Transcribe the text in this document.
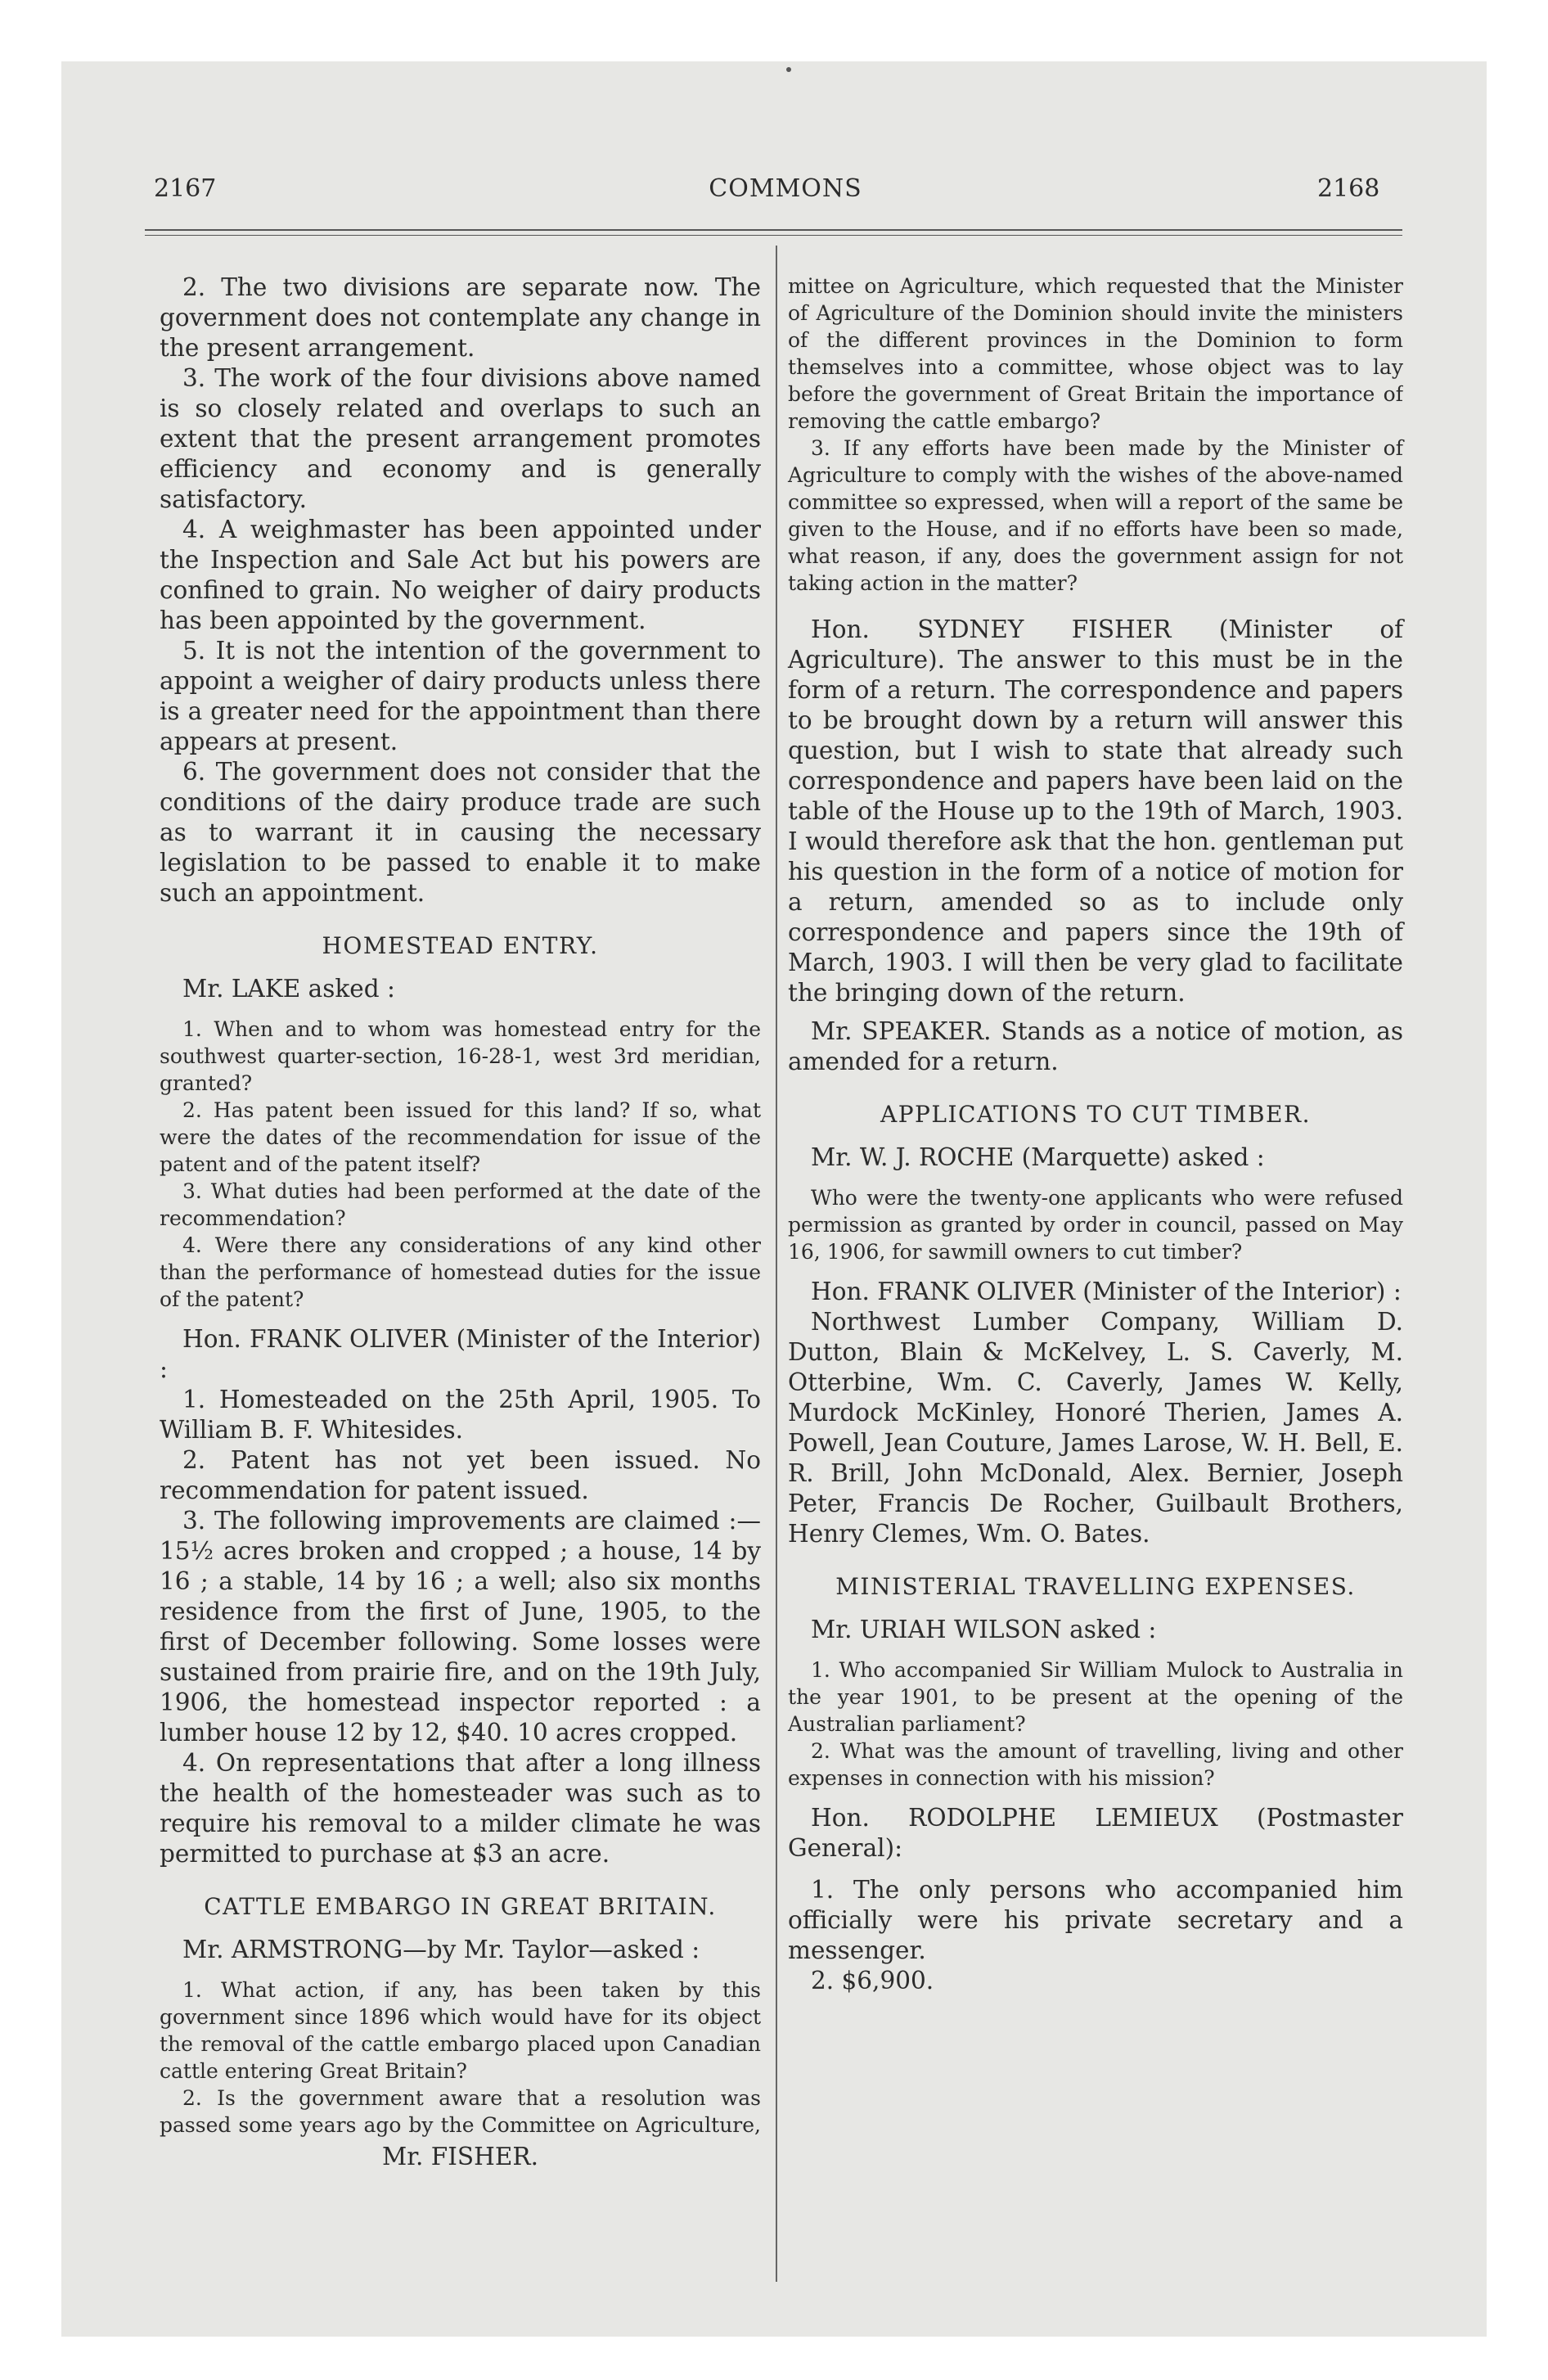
2167	COMMONS	2168

2. The two divisions are separate now. The government does not contemplate any change in the present arrangement.

3. The work of the four divisions above named is so closely related and overlaps to such an extent that the present arrangement promotes efficiency and economy and is generally satisfactory.

4. A weighmaster has been appointed under the Inspection and Sale Act but his powers are confined to grain. No weigher of dairy products has been appointed by the government.

5. It is not the intention of the government to appoint a weigher of dairy products unless there is a greater need for the appointment than there appears at present.

6. The government does not consider that the conditions of the dairy produce trade are such as to warrant it in causing the necessary legislation to be passed to enable it to make such an appointment.

HOMESTEAD ENTRY.

Mr. LAKE asked :

1. When and to whom was homestead entry for the southwest quarter-section, 16-28-1, west 3rd meridian, granted?

2. Has patent been issued for this land? If so, what were the dates of the recommendation for issue of the patent and of the patent itself?

3. What duties had been performed at the date of the recommendation?

4. Were there any considerations of any kind other than the performance of homestead duties for the issue of the patent?

Hon. FRANK OLIVER (Minister of the Interior) :

1. Homesteaded on the 25th April, 1905. To William B. F. Whitesides.

2. Patent has not yet been issued. No recommendation for patent issued.

3. The following improvements are claimed :—15½ acres broken and cropped ; a house, 14 by 16 ; a stable, 14 by 16 ; a well; also six months residence from the first of June, 1905, to the first of December following. Some losses were sustained from prairie fire, and on the 19th July, 1906, the homestead inspector reported : a lumber house 12 by 12, $40. 10 acres cropped.

4. On representations that after a long illness the health of the homesteader was such as to require his removal to a milder climate he was permitted to purchase at $3 an acre.

CATTLE EMBARGO IN GREAT BRITAIN.

Mr. ARMSTRONG—by Mr. Taylor—asked :

1. What action, if any, has been taken by this government since 1896 which would have for its object the removal of the cattle embargo placed upon Canadian cattle entering Great Britain?

2. Is the government aware that a resolution was passed some years ago by the Committee on Agriculture,

Mr. FISHER.

mittee on Agriculture, which requested that the Minister of Agriculture of the Dominion should invite the ministers of the different provinces in the Dominion to form themselves into a committee, whose object was to lay before the government of Great Britain the importance of removing the cattle embargo?

3. If any efforts have been made by the Minister of Agriculture to comply with the wishes of the above-named committee so expressed, when will a report of the same be given to the House, and if no efforts have been so made, what reason, if any, does the government assign for not taking action in the matter?

Hon. SYDNEY FISHER (Minister of Agriculture). The answer to this must be in the form of a return. The correspondence and papers to be brought down by a return will answer this question, but I wish to state that already such correspondence and papers have been laid on the table of the House up to the 19th of March, 1903. I would therefore ask that the hon. gentleman put his question in the form of a notice of motion for a return, amended so as to include only correspondence and papers since the 19th of March, 1903. I will then be very glad to facilitate the bringing down of the return.

Mr. SPEAKER. Stands as a notice of motion, as amended for a return.

APPLICATIONS TO CUT TIMBER.

Mr. W. J. ROCHE (Marquette) asked :

Who were the twenty-one applicants who were refused permission as granted by order in council, passed on May 16, 1906, for sawmill owners to cut timber?

Hon. FRANK OLIVER (Minister of the Interior) :

Northwest Lumber Company, William D. Dutton, Blain & McKelvey, L. S. Caverly, M. Otterbine, Wm. C. Caverly, James W. Kelly, Murdock McKinley, Honoré Therien, James A. Powell, Jean Couture, James Larose, W. H. Bell, E. R. Brill, John McDonald, Alex. Bernier, Joseph Peter, Francis De Rocher, Guilbault Brothers, Henry Clemes, Wm. O. Bates.

MINISTERIAL TRAVELLING EXPENSES.

Mr. URIAH WILSON asked :

1. Who accompanied Sir William Mulock to Australia in the year 1901, to be present at the opening of the Australian parliament?

2. What was the amount of travelling, living and other expenses in connection with his mission?

Hon. RODOLPHE LEMIEUX (Postmaster General):

1. The only persons who accompanied him officially were his private secretary and a messenger.

2. $6,900.
